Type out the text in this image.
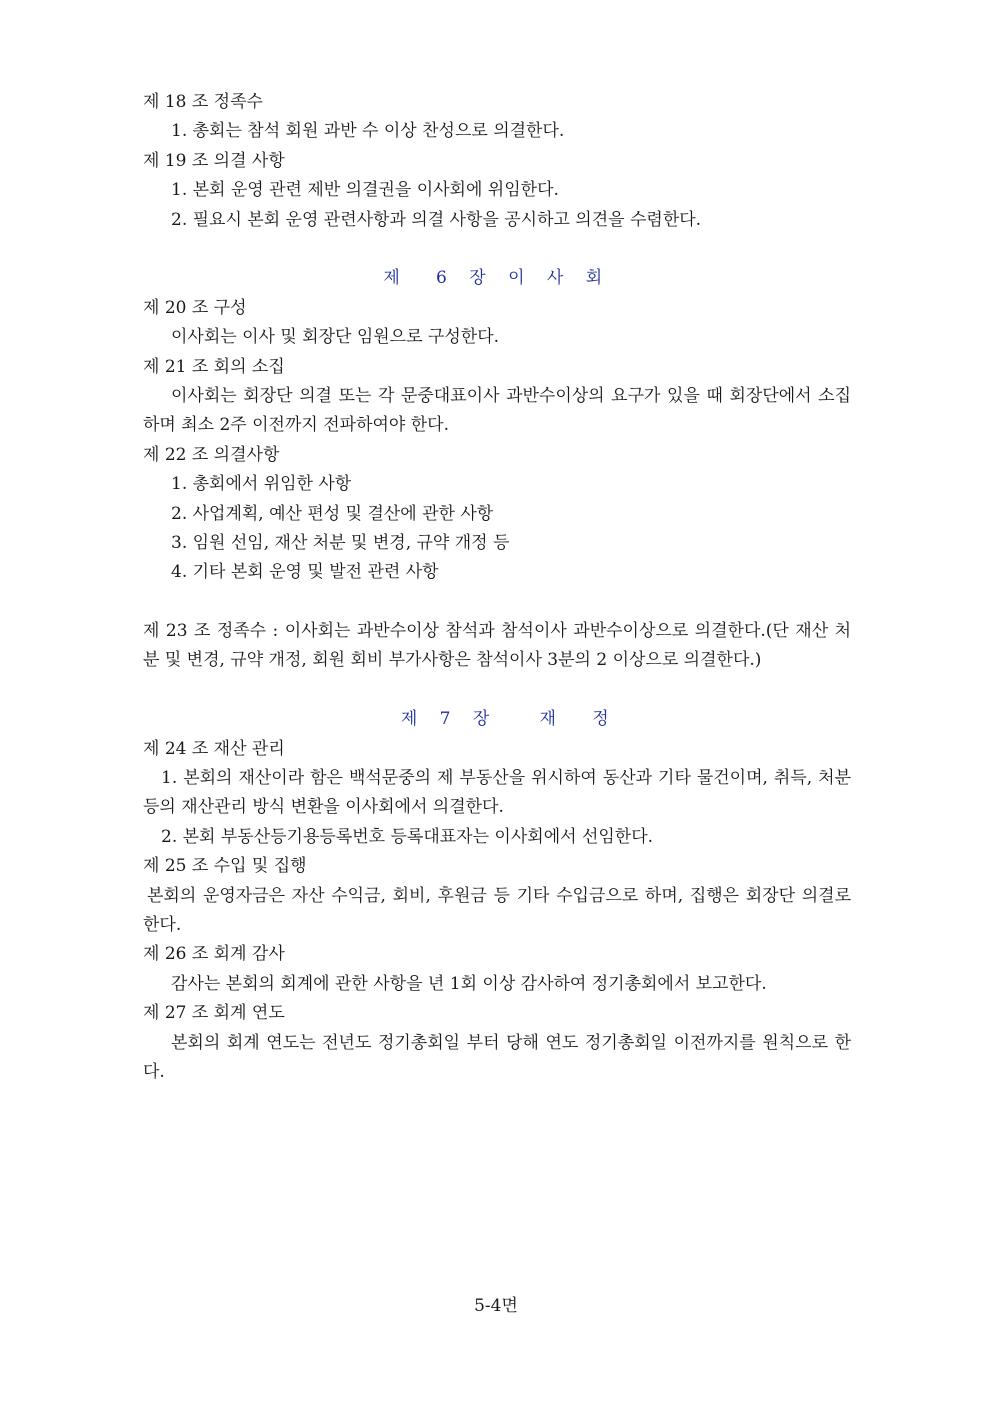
제 18 조 정족수
1. 총회는 참석 회원 과반 수 이상 찬성으로 의결한다.
제 19 조 의결 사항
1. 본회 운영 관련 제반 의결권을 이사회에 위임한다.
2. 필요시 본회 운영 관련사항과 의결 사항을 공시하고 의견을 수렴한다.
제  6 장 이 사 회
제 20 조 구성
이사회는 이사 및 회장단 임원으로 구성한다.
제 21 조 회의 소집
이사회는 회장단 의결 또는 각 문중대표이사 과반수이상의 요구가 있을 때 회장단에서 소집하며 최소 2주 이전까지 전파하여야 한다.
제 22 조 의결사항
1. 총회에서 위임한 사항
2. 사업계획, 예산 편성 및 결산에 관한 사항
3. 임원 선임, 재산 처분 및 변경, 규약 개정 등
4. 기타 본회 운영 및 발전 관련 사항
제 23 조 정족수 : 이사회는 과반수이상 참석과 참석이사 과반수이상으로 의결한다.(단 재산 처분 및 변경, 규약 개정, 회원 회비 부가사항은 참석이사 3분의 2 이상으로 의결한다.)
제 7 장   재  정
제 24 조 재산 관리
1. 본회의 재산이라 함은 백석문중의 제 부동산을 위시하여 동산과 기타 물건이며, 취득, 처분 등의 재산관리 방식 변환을 이사회에서 의결한다.
2. 본회 부동산등기용등록번호 등록대표자는 이사회에서 선임한다.
제 25 조 수입 및 집행
본회의 운영자금은 자산 수익금, 회비, 후원금 등 기타 수입금으로 하며, 집행은 회장단 의결로 한다.
제 26 조 회계 감사
감사는 본회의 회계에 관한 사항을 년 1회 이상 감사하여 정기총회에서 보고한다.
제 27 조 회계 연도
본회의 회계 연도는 전년도 정기총회일 부터 당해 연도 정기총회일 이전까지를 원칙으로 한다.
5-4면
